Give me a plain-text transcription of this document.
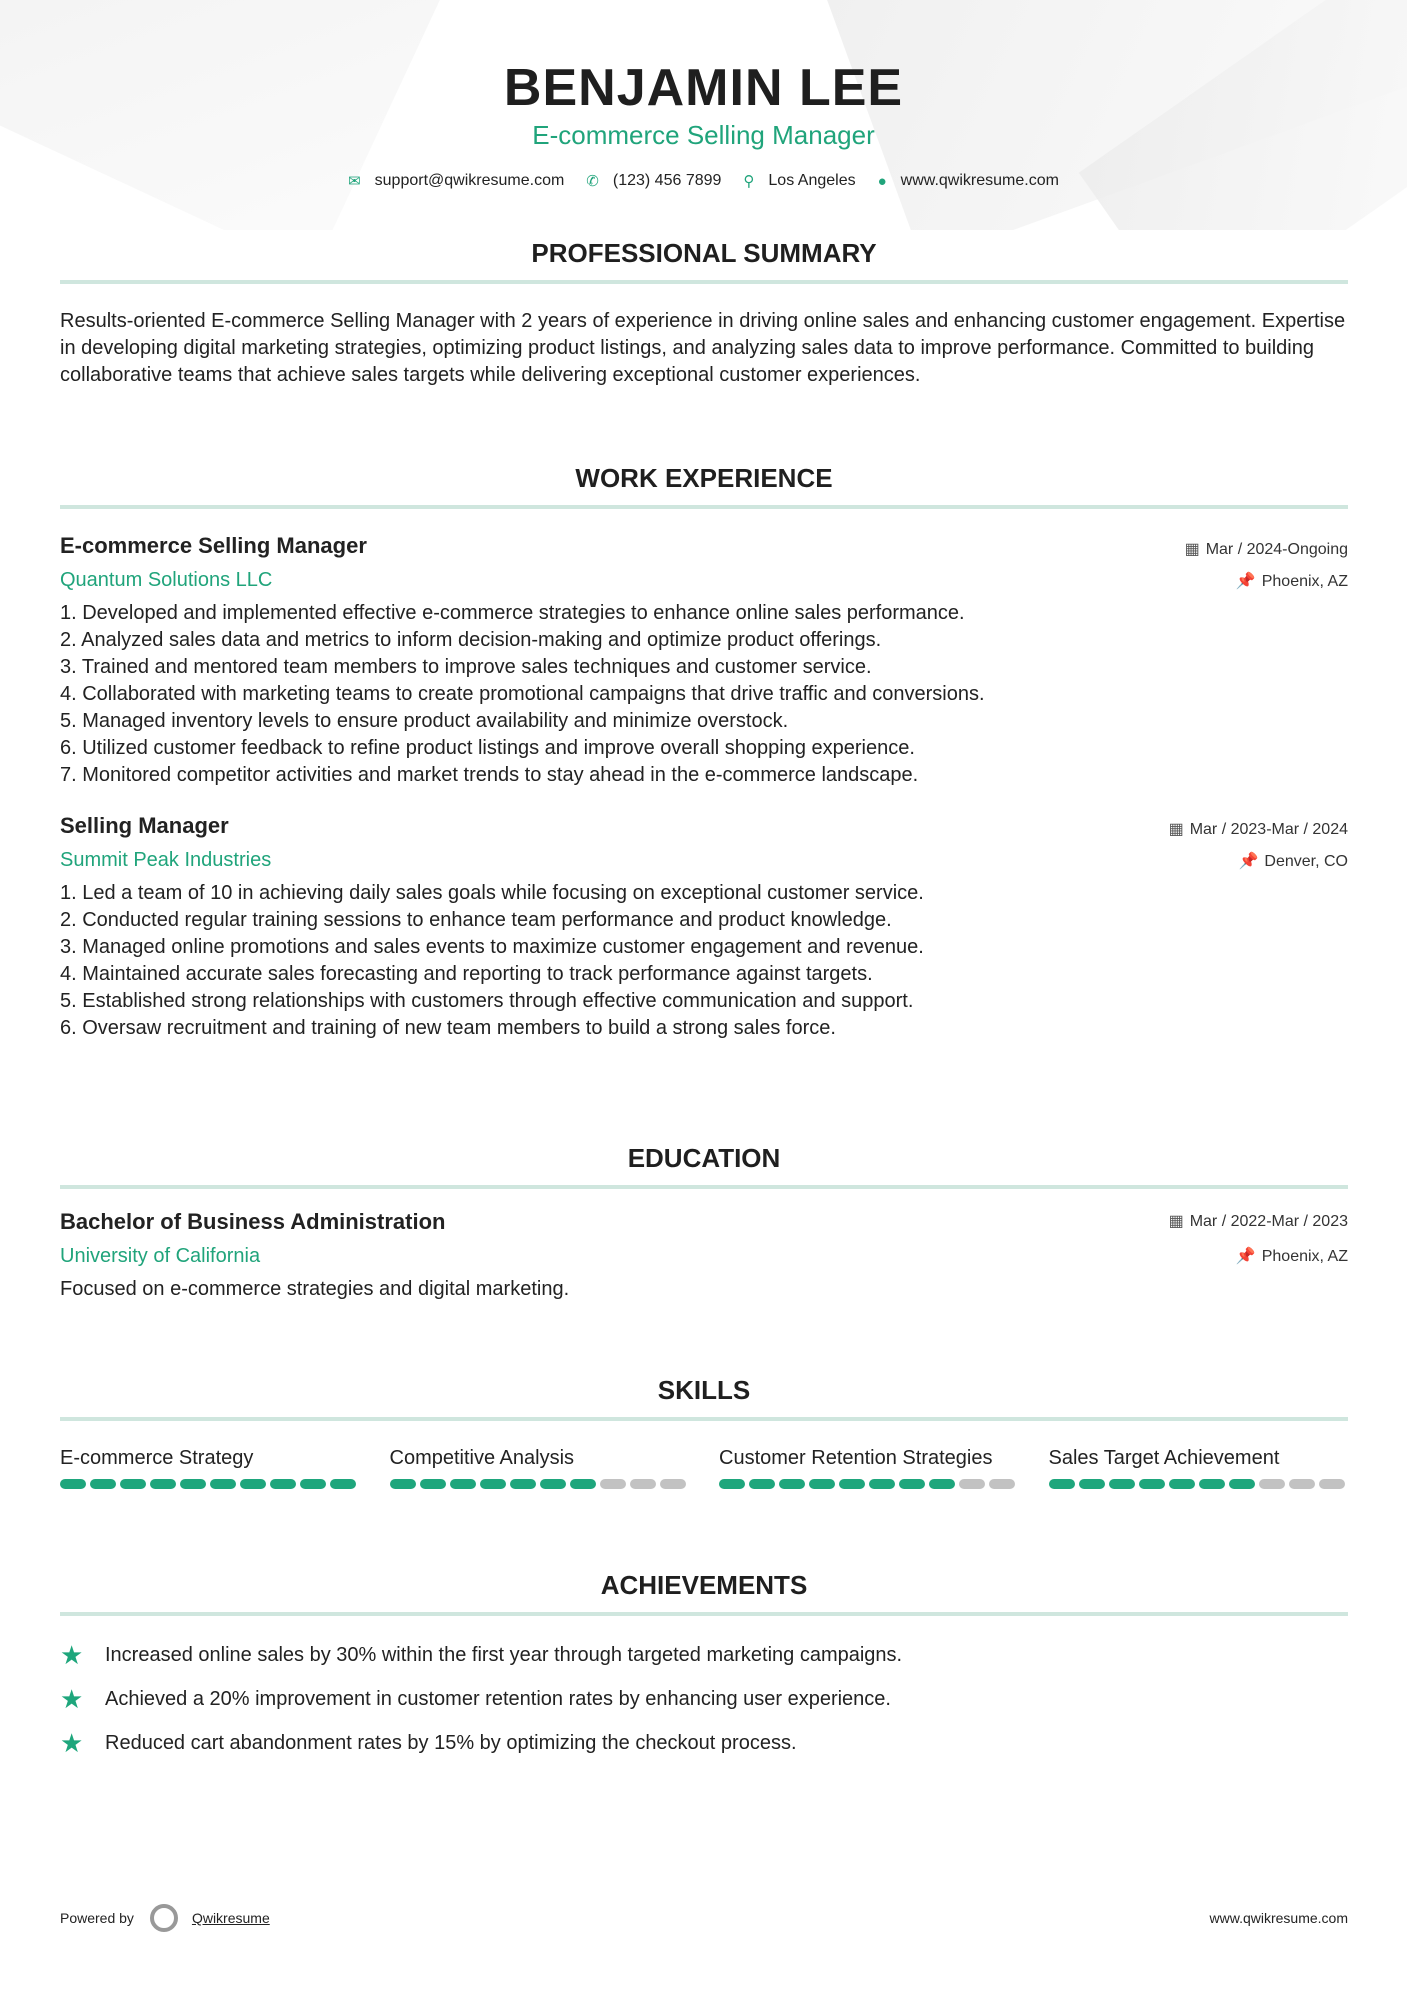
BENJAMIN LEE
E-commerce Selling Manager
✉ support@qwikresume.com ✆ (123) 456 7899 ⚲ Los Angeles ● www.qwikresume.com
PROFESSIONAL SUMMARY

Results-oriented E-commerce Selling Manager with 2 years of experience in driving online sales and enhancing customer engagement. Expertise in developing digital marketing strategies, optimizing product listings, and analyzing sales data to improve performance. Committed to building collaborative teams that achieve sales targets while delivering exceptional customer experiences.

WORK EXPERIENCE
E-commerce Selling Manager
Quantum Solutions LLC
▦ Mar / 2024-Ongoing
📌 Phoenix, AZ
1. Developed and implemented effective e-commerce strategies to enhance online sales performance.
2. Analyzed sales data and metrics to inform decision-making and optimize product offerings.
3. Trained and mentored team members to improve sales techniques and customer service.
4. Collaborated with marketing teams to create promotional campaigns that drive traffic and conversions.
5. Managed inventory levels to ensure product availability and minimize overstock.
6. Utilized customer feedback to refine product listings and improve overall shopping experience.
7. Monitored competitor activities and market trends to stay ahead in the e-commerce landscape.
Selling Manager
Summit Peak Industries
▦ Mar / 2023-Mar / 2024
📌 Denver, CO
1. Led a team of 10 in achieving daily sales goals while focusing on exceptional customer service.
2. Conducted regular training sessions to enhance team performance and product knowledge.
3. Managed online promotions and sales events to maximize customer engagement and revenue.
4. Maintained accurate sales forecasting and reporting to track performance against targets.
5. Established strong relationships with customers through effective communication and support.
6. Oversaw recruitment and training of new team members to build a strong sales force.
EDUCATION
Bachelor of Business Administration
University of California
▦ Mar / 2022-Mar / 2023
📌 Phoenix, AZ

Focused on e-commerce strategies and digital marketing.

SKILLS
E-commerce Strategy	Competitive Analysis	Customer Retention Strategies	Sales Target Achievement
ACHIEVEMENTS
★	Increased online sales by 30% within the first year through targeted marketing campaigns.
★	Achieved a 20% improvement in customer retention rates by enhancing user experience.
★	Reduced cart abandonment rates by 15% by optimizing the checkout process.
Powered by	Qwikresume	www.qwikresume.com
